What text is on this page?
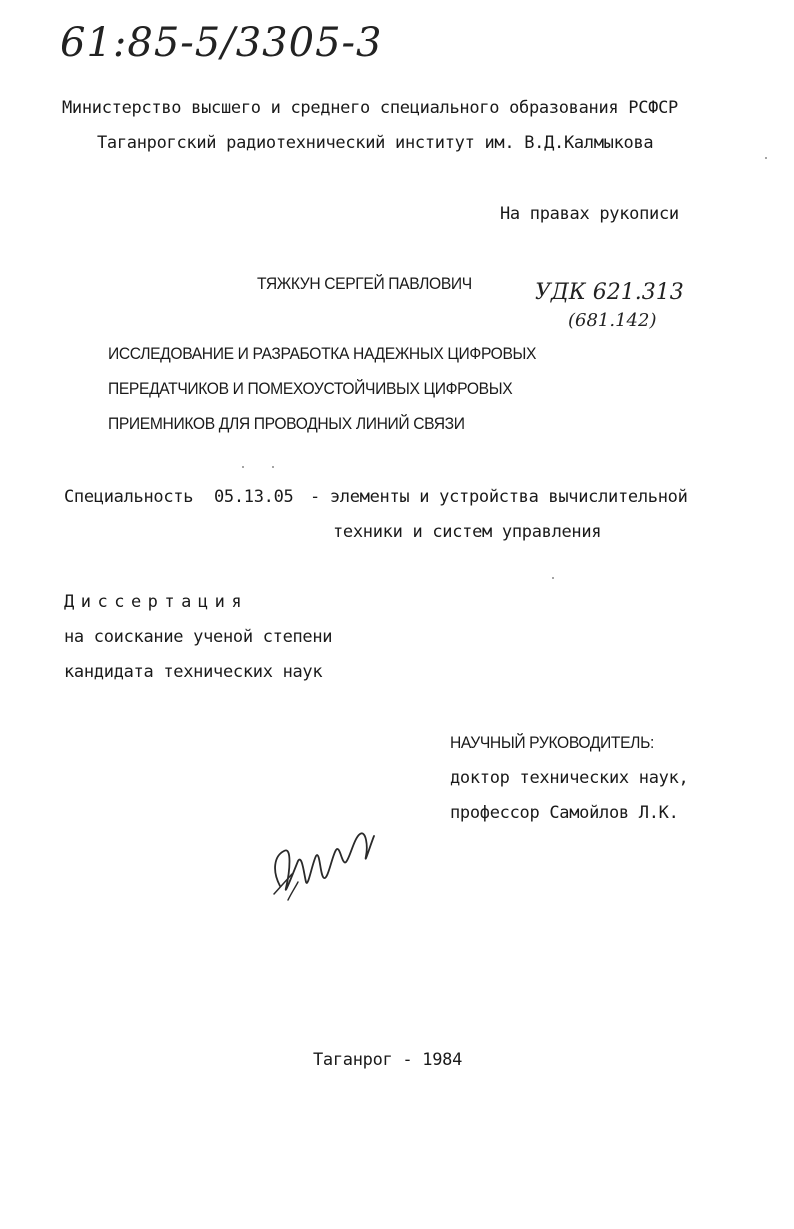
61:85-5/3305-3
Министерство высшего и среднего специального образования РСФСР
Таганрогский радиотехнический институт им. В.Д.Калмыкова
На правах рукописи
ТЯЖКУН СЕРГЕЙ ПАВЛОВИЧ	УДК 621.313
(681.142)
ИССЛЕДОВАНИЕ И РАЗРАБОТКА НАДЕЖНЫХ ЦИФРОВЫХ
ПЕРЕДАТЧИКОВ И ПОМЕХОУСТОЙЧИВЫХ ЦИФРОВЫХ
ПРИЕМНИКОВ ДЛЯ ПРОВОДНЫХ ЛИНИЙ СВЯЗИ
Специальность 05.13.05 - элементы и устройства вычислительной
техники и систем управления
Диссертация
на соискание ученой степени
кандидата технических наук
НАУЧНЫЙ РУКОВОДИТЕЛЬ:
доктор технических наук,
профессор Самойлов Л.К.
Таганрог - 1984
